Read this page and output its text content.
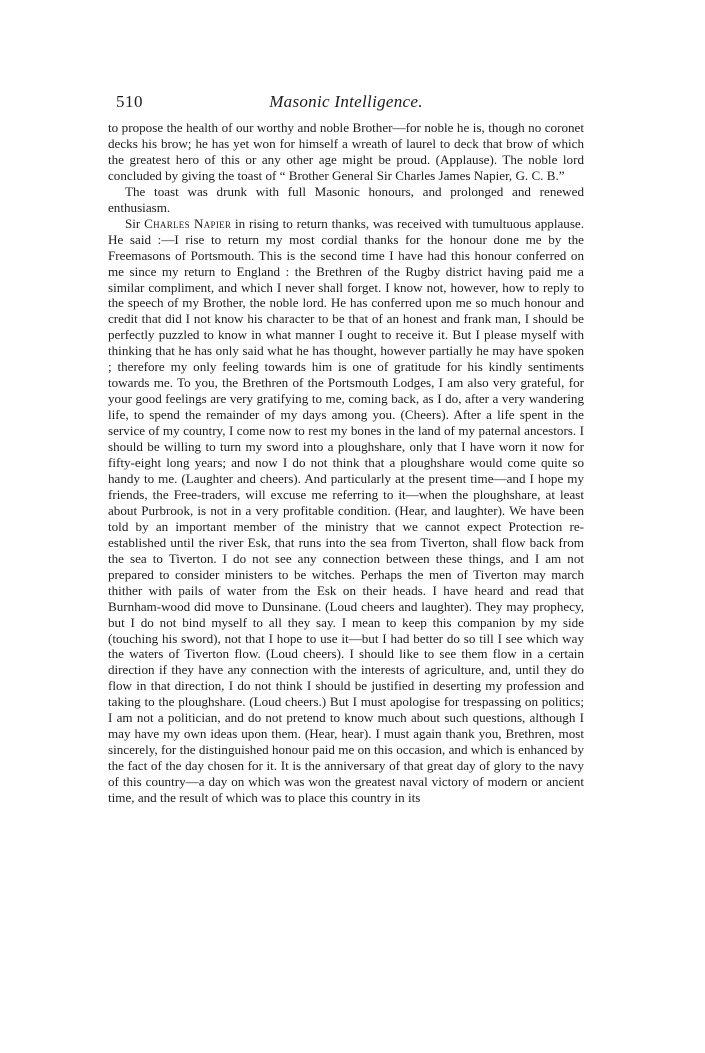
510	Masonic Intelligence.

to propose the health of our worthy and noble Brother—for noble he is, though no coronet decks his brow; he has yet won for himself a wreath of laurel to deck that brow of which the greatest hero of this or any other age might be proud. (Applause). The noble lord concluded by giving the toast of “ Brother General Sir Charles James Napier, G. C. B.”

The toast was drunk with full Masonic honours, and prolonged and renewed enthusiasm.

Sir Charles Napier in rising to return thanks, was received with tumultuous applause. He said :—I rise to return my most cordial thanks for the honour done me by the Freemasons of Portsmouth. This is the second time I have had this honour conferred on me since my return to England : the Brethren of the Rugby district having paid me a similar compliment, and which I never shall forget. I know not, however, how to reply to the speech of my Brother, the noble lord. He has conferred upon me so much honour and credit that did I not know his character to be that of an honest and frank man, I should be perfectly puzzled to know in what manner I ought to receive it. But I please myself with thinking that he has only said what he has thought, however partially he may have spoken ; therefore my only feeling towards him is one of gratitude for his kindly sentiments towards me. To you, the Brethren of the Portsmouth Lodges, I am also very grateful, for your good feelings are very gratifying to me, coming back, as I do, after a very wandering life, to spend the remainder of my days among you. (Cheers). After a life spent in the service of my country, I come now to rest my bones in the land of my paternal ancestors. I should be willing to turn my sword into a ploughshare, only that I have worn it now for fifty-eight long years; and now I do not think that a ploughshare would come quite so handy to me. (Laughter and cheers). And particularly at the present time—and I hope my friends, the Free-traders, will excuse me referring to it—when the ploughshare, at least about Purbrook, is not in a very profitable condition. (Hear, and laughter). We have been told by an important member of the ministry that we cannot expect Protection re-established until the river Esk, that runs into the sea from Tiverton, shall flow back from the sea to Tiverton. I do not see any connection between these things, and I am not prepared to consider ministers to be witches. Perhaps the men of Tiverton may march thither with pails of water from the Esk on their heads. I have heard and read that Burnham-wood did move to Dunsinane. (Loud cheers and laughter). They may prophecy, but I do not bind myself to all they say. I mean to keep this companion by my side (touching his sword), not that I hope to use it—but I had better do so till I see which way the waters of Tiverton flow. (Loud cheers). I should like to see them flow in a certain direction if they have any connection with the interests of agriculture, and, until they do flow in that direction, I do not think I should be justified in deserting my profession and taking to the ploughshare. (Loud cheers.) But I must apologise for trespassing on politics; I am not a politician, and do not pretend to know much about such questions, although I may have my own ideas upon them. (Hear, hear). I must again thank you, Brethren, most sincerely, for the distinguished honour paid me on this occasion, and which is enhanced by the fact of the day chosen for it. It is the anniversary of that great day of glory to the navy of this country—a day on which was won the greatest naval victory of modern or ancient time, and the result of which was to place this country in its
